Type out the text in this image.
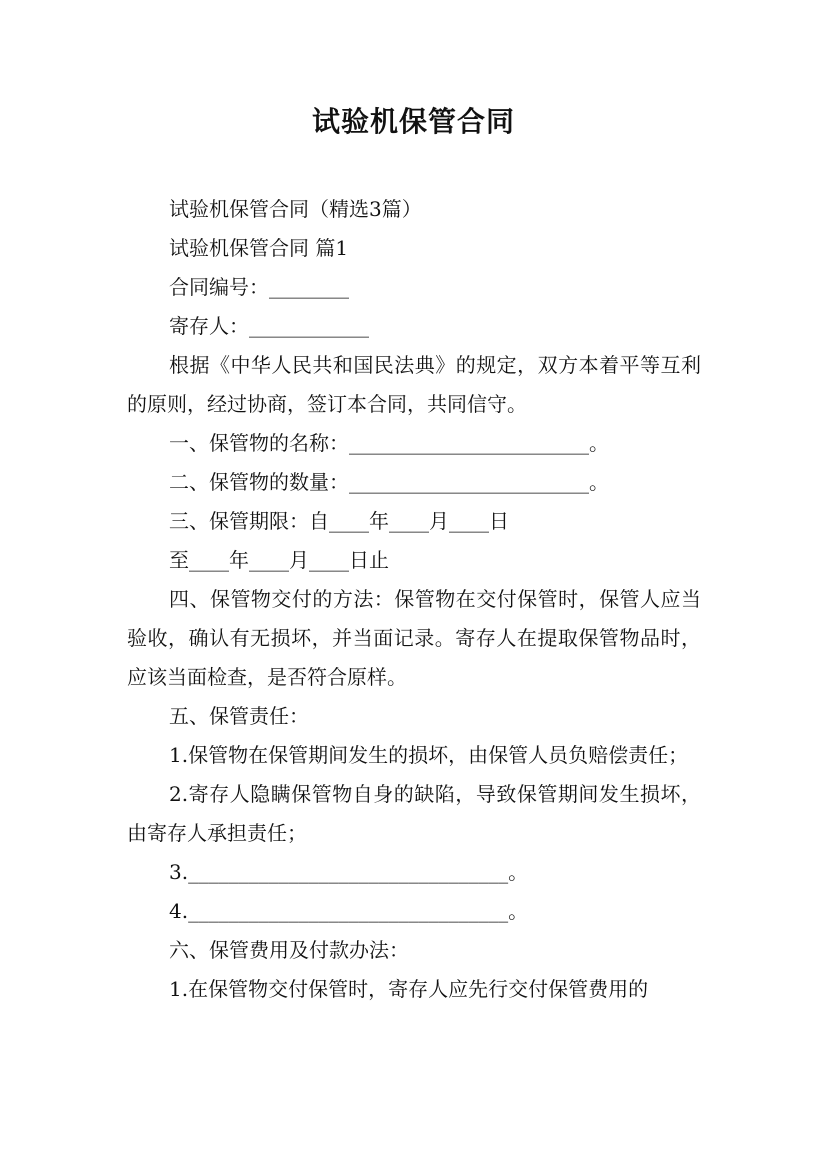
试验机保管合同

试验机保管合同（精选3篇）

试验机保管合同 篇1

合同编号：________

寄存人：____________

根据《中华人民共和国民法典》的规定，双方本着平等互利的原则，经过协商，签订本合同，共同信守。

一、保管物的名称：________________________。

二、保管物的数量：________________________。

三、保管期限：自____年____月____日

至____年____月____日止

四、保管物交付的方法：保管物在交付保管时，保管人应当验收，确认有无损坏，并当面记录。寄存人在提取保管物品时，应该当面检查，是否符合原样。

五、保管责任：

1.保管物在保管期间发生的损坏，由保管人员负赔偿责任；

2.寄存人隐瞒保管物自身的缺陷，导致保管期间发生损坏，由寄存人承担责任；

3.________________________________。

4.________________________________。

六、保管费用及付款办法：

1.在保管物交付保管时，寄存人应先行交付保管费用的
